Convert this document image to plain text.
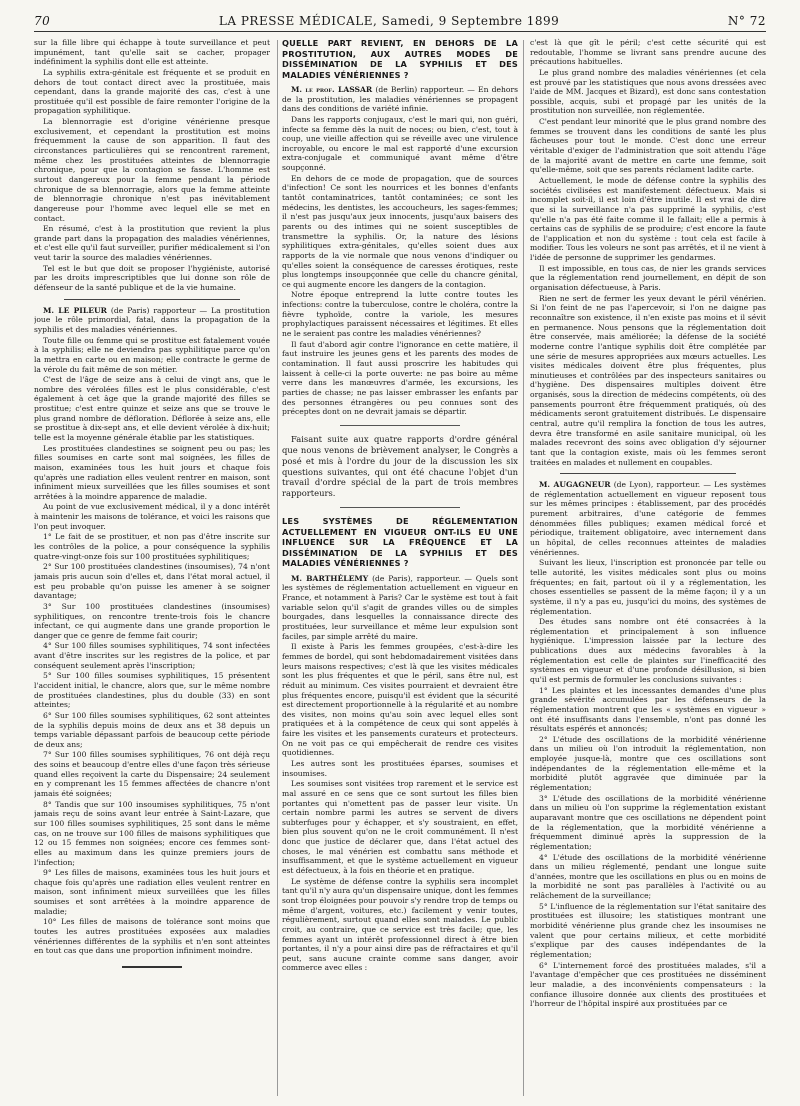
70	LA PRESSE MÉDICALE, Samedi, 9 Septembre 1899	N° 72

sur la fille libre qui échappe à toute surveillance et peut impunément, tant qu'elle sait se cacher, propager indéfiniment la syphilis dont elle est atteinte.

La syphilis extra-génitale est fréquente et se produit en dehors de tout contact direct avec la prostituée, mais cependant, dans la grande majorité des cas, c'est à une prostituée qu'il est possible de faire remonter l'origine de la propagation syphilitique.

La blennorragie est d'origine vénérienne presque exclusivement, et cependant la prostitution est moins fréquemment la cause de son apparition. Il faut des circonstances particulières qui se rencontrent rarement, même chez les prostituées atteintes de blennorragie chronique, pour que la contagion se fasse. L'homme est surtout dangereux pour la femme pendant la période chronique de sa blennorragie, alors que la femme atteinte de blennorragie chronique n'est pas inévitablement dangereuse pour l'homme avec lequel elle se met en contact.

En résumé, c'est à la prostitution que revient la plus grande part dans la propagation des maladies vénériennes, et c'est elle qu'il faut surveiller, purifier médicalement si l'on veut tarir la source des maladies vénériennes.

Tel est le but que doit se proposer l'hygiéniste, autorisé par les droits imprescriptibles que lui donne son rôle de défenseur de la santé publique et de la vie humaine.

M. LE PILEUR (de Paris) rapporteur — La prostitution joue le rôle primordial, fatal, dans la propagation de la syphilis et des maladies vénériennes.

Toute fille ou femme qui se prostitue est fatalement vouée à la syphilis; elle ne deviendra pas syphilitique parce qu'on la mettra en carte ou en maison; elle contracte le germe de la vérole du fait même de son métier.

C'est de l'âge de seize ans à celui de vingt ans, que le nombre des vérolées filles est le plus considérable, c'est également à cet âge que la grande majorité des filles se prostitue; c'est entre quinze et seize ans que se trouve le plus grand nombre de défloration. Déflorée à seize ans, elle se prostitue à dix-sept ans, et elle devient vérolée à dix-huit; telle est la moyenne générale établie par les statistiques.

Les prostituées clandestines se soignent peu ou pas; les filles soumises en carte sont mal soignées, les filles de maison, examinées tous les huit jours et chaque fois qu'après une radiation elles veulent rentrer en maison, sont infiniment mieux surveillées que les filles soumises et sont arrêtées à la moindre apparence de maladie.

Au point de vue exclusivement médical, il y a donc intérêt à maintenir les maisons de tolérance, et voici les raisons que l'on peut invoquer.

1° Le fait de se prostituer, et non pas d'être inscrite sur les contrôles de la police, a pour conséquence la syphilis quatre-vingt-onze fois sur 100 prostituées syphilitiques;

2° Sur 100 prostituées clandestines (insoumises), 74 n'ont jamais pris aucun soin d'elles et, dans l'état moral actuel, il est peu probable qu'on puisse les amener à se soigner davantage;

3° Sur 100 prostituées clandestines (insoumises) syphilitiques, on rencontre trente-trois fois le chancre infectant, ce qui augmente dans une grande proportion le danger que ce genre de femme fait courir;

4° Sur 100 filles soumises syphilitiques, 74 sont infectées avant d'être inscrites sur les registres de la police, et par conséquent seulement après l'inscription;

5° Sur 100 filles soumises syphilitiques, 15 présentent l'accident initial, le chancre, alors que, sur le même nombre de prostituées clandestines, plus du double (33) en sont atteintes;

6° Sur 100 filles soumises syphilitiques, 62 sont atteintes de la syphilis depuis moins de deux ans et 38 depuis un temps variable dépassant parfois de beaucoup cette période de deux ans;

7° Sur 100 filles soumises syphilitiques, 76 ont déjà reçu des soins et beaucoup d'entre elles d'une façon très sérieuse quand elles reçoivent la carte du Dispensaire; 24 seulement en y comprenant les 15 femmes affectées de chancre n'ont jamais été soignées;

8° Tandis que sur 100 insoumises syphilitiques, 75 n'ont jamais reçu de soins avant leur entrée à Saint-Lazare, que sur 100 filles soumises syphilitiques, 25 sont dans le même cas, on ne trouve sur 100 filles de maisons syphilitiques que 12 ou 15 femmes non soignées; encore ces femmes sont-elles au maximum dans les quinze premiers jours de l'infection;

9° Les filles de maisons, examinées tous les huit jours et chaque fois qu'après une radiation elles veulent rentrer en maison, sont infiniment mieux surveillées que les filles soumises et sont arrêtées à la moindre apparence de maladie;

10° Les filles de maisons de tolérance sont moins que toutes les autres prostituées exposées aux maladies vénériennes différentes de la syphilis et n'en sont atteintes en tout cas que dans une proportion infiniment moindre.

QUELLE PART REVIENT, EN DEHORS DE LA PROSTITUTION, AUX AUTRES MODES DE DISSÉMINATION DE LA SYPHILIS ET DES MALADIES VÉNÉRIENNES ?

M. le prof. LASSAR (de Berlin) rapporteur. — En dehors de la prostitution, les maladies vénériennes se propagent dans des conditions de variété infinie.

Dans les rapports conjugaux, c'est le mari qui, non guéri, infecte sa femme dès la nuit de noces; ou bien, c'est, tout à coup, une vieille affection qui se réveille avec une virulence incroyable, ou encore le mal est rapporté d'une excursion extra-conjugale et communiqué avant même d'être soupçonné.

En dehors de ce mode de propagation, que de sources d'infection! Ce sont les nourrices et les bonnes d'enfants tantôt contaminatrices, tantôt contaminées; ce sont les médecins, les dentistes, les accoucheurs, les sages-femmes; il n'est pas jusqu'aux jeux innocents, jusqu'aux baisers des parents ou des intimes qui ne soient susceptibles de transmettre la syphilis. Or, la nature des lésions syphilitiques extra-génitales, qu'elles soient dues aux rapports de la vie normale que nous venons d'indiquer ou qu'elles soient la conséquence de caresses érotiques, reste plus longtemps insoupçonnée que celle du chancre génital, ce qui augmente encore les dangers de la contagion.

Notre époque entreprend la lutte contre toutes les infections: contre la tuberculose, contre le choléra, contre la fièvre typhoïde, contre la variole, les mesures prophylactiques paraissent nécessaires et légitimes. Et elles ne le seraient pas contre les maladies vénériennes?

Il faut d'abord agir contre l'ignorance en cette matière, il faut instruire les jeunes gens et les parents des modes de contamination. Il faut aussi proscrire les habitudes qui laissent à celle-ci la porte ouverte: ne pas boire au même verre dans les manœuvres d'armée, les excursions, les parties de chasse; ne pas laisser embrasser les enfants par des personnes étrangères ou peu connues sont des préceptes dont on ne devrait jamais se départir.

Faisant suite aux quatre rapports d'ordre général que nous venons de brièvement analyser, le Congrès a posé et mis à l'ordre du jour de la discussion les six questions suivantes, qui ont été chacune l'objet d'un travail d'ordre spécial de la part de trois membres rapporteurs.

LES SYSTÈMES DE RÉGLEMENTATION ACTUELLEMENT EN VIGUEUR ONT-ILS EU UNE INFLUENCE SUR LA FRÉQUENCE ET LA DISSÉMINATION DE LA SYPHILIS ET DES MALADIES VÉNÉRIENNES ?

M. BARTHÉLEMY (de Paris), rapporteur. — Quels sont les systèmes de réglementation actuellement en vigueur en France, et notamment à Paris? Car le système est tout à fait variable selon qu'il s'agit de grandes villes ou de simples bourgades, dans lesquelles la connaissance directe des prostituées, leur surveillance et même leur expulsion sont faciles, par simple arrêté du maire.

Il existe à Paris les femmes groupées, c'est-à-dire les femmes de bordel, qui sont hebdomadairement visitées dans leurs maisons respectives; c'est là que les visites médicales sont les plus fréquentes et que le péril, sans être nul, est réduit au minimum. Ces visites pourraient et devraient être plus fréquentes encore, puisqu'il est évident que la sécurité est directement proportionnelle à la régularité et au nombre des visites, non moins qu'au soin avec lequel elles sont pratiquées et à la compétence de ceux qui sont appelés à faire les visites et les pansements curateurs et protecteurs. On ne voit pas ce qui empêcherait de rendre ces visites quotidiennes.

Les autres sont les prostituées éparses, soumises et insoumises.

Les soumises sont visitées trop rarement et le service est mal assuré en ce sens que ce sont surtout les filles bien portantes qui n'omettent pas de passer leur visite. Un certain nombre parmi les autres se servent de divers subterfuges pour y échapper, et s'y soustraient, en effet, bien plus souvent qu'on ne le croit communément. Il n'est donc que justice de déclarer que, dans l'état actuel des choses, le mal vénérien est combattu sans méthode et insuffisamment, et que le système actuellement en vigueur est défectueux, à la fois en théorie et en pratique.

Le système de défense contre la syphilis sera incomplet tant qu'il n'y aura qu'un dispensaire unique, dont les femmes sont trop éloignées pour pouvoir s'y rendre trop de temps ou même d'argent, voitures, etc.) facilement y venir toutes, régulièrement, surtout quand elles sont malades. Le public croit, au contraire, que ce service est très facile; que, les femmes ayant un intérêt professionnel direct à être bien portantes, il n'y a pour ainsi dire pas de réfractaires et qu'il peut, sans aucune crainte comme sans danger, avoir commerce avec elles :

c'est là que gît le péril; c'est cette sécurité qui est redoutable, l'homme se livrant sans prendre aucune des précautions habituelles.

Le plus grand nombre des maladies vénériennes (et cela est prouvé par les statistiques que nous avons dressées avec l'aide de MM. Jacques et Bizard), est donc sans contestation possible, acquis, subi et propagé par les unités de la prostitution non surveillée, non réglementée.

C'est pendant leur minorité que le plus grand nombre des femmes se trouvent dans les conditions de santé les plus fâcheuses pour tout le monde. C'est donc une erreur véritable d'exiger de l'administration que soit attendu l'âge de la majorité avant de mettre en carte une femme, soit qu'elle-même, soit que ses parents réclament ladite carte.

Actuellement, le mode de défense contre la syphilis des sociétés civilisées est manifestement défectueux. Mais si incomplet soit-il, il est loin d'être inutile. Il est vrai de dire que si la surveillance n'a pas supprimé la syphilis, c'est qu'elle n'a pas été faite comme il le fallait; elle a permis à certains cas de syphilis de se produire; c'est encore la faute de l'application et non du système : tout cela est facile à modifier. Tous les voleurs ne sont pas arrêtés, et il ne vient à l'idée de personne de supprimer les gendarmes.

Il est impossible, en tous cas, de nier les grands services que la réglementation rend journellement, en dépit de son organisation défectueuse, à Paris.

Rien ne sert de fermer les yeux devant le péril vénérien. Si l'on feint de ne pas l'apercevoir, si l'on ne daigne pas reconnaître son existence, il n'en existe pas moins et il sévit en permanence. Nous pensons que la réglementation doit être conservée, mais améliorée; la défense de la société moderne contre l'antique syphilis doit être complétée par une série de mesures appropriées aux mœurs actuelles. Les visites médicales doivent être plus fréquentes, plus minutieuses et contrôlées par des inspecteurs sanitaires ou d'hygiène. Des dispensaires multiples doivent être organisés, sous la direction de médecins compétents, où des pansements pourront être fréquemment pratiqués, où des médicaments seront gratuitement distribués. Le dispensaire central, autre qu'il remplira la fonction de tous les autres, devra être transformé en asile sanitaire municipal, où les malades recevront des soins avec obligation d'y séjourner tant que la contagion existe, mais où les femmes seront traitées en malades et nullement en coupables.

M. AUGAGNEUR (de Lyon), rapporteur. — Les systèmes de réglementation actuellement en vigueur reposent tous sur les mêmes principes : établissement, par des procédés purement arbitraires, d'une catégorie de femmes dénommées filles publiques; examen médical forcé et périodique, traitement obligatoire, avec internement dans un hôpital, de celles reconnues atteintes de maladies vénériennes.

Suivant les lieux, l'inscription est prononcée par telle ou telle autorité, les visites médicales sont plus ou moins fréquentes; en fait, partout où il y a réglementation, les choses essentielles se passent de la même façon; il y a un système, il n'y a pas eu, jusqu'ici du moins, des systèmes de réglementation.

Des études sans nombre ont été consacrées à la réglementation et principalement à son influence hygiénique. L'impression laissée par la lecture des publications dues aux médecins favorables à la réglementation est celle de plaintes sur l'inefficacité des systèmes en vigueur et d'une profonde désillusion, si bien qu'il est permis de formuler les conclusions suivantes :

1° Les plaintes et les incessantes demandes d'une plus grande sévérité accumulées par les défenseurs de la réglementation montrent que les « systèmes en vigueur » ont été insuffisants dans l'ensemble, n'ont pas donné les résultats espérés et annoncés;

2° L'étude des oscillations de la morbidité vénérienne dans un milieu où l'on introduit la réglementation, non employée jusque-là, montre que ces oscillations sont indépendantes de la réglementation elle-même et la morbidité plutôt aggravée que diminuée par la réglementation;

3° L'étude des oscillations de la morbidité vénérienne dans un milieu où l'on supprime la réglementation existant auparavant montre que ces oscillations ne dépendent point de la réglementation, que la morbidité vénérienne a fréquemment diminué après la suppression de la réglementation;

4° L'étude des oscillations de la morbidité vénérienne dans un milieu réglementé, pendant une longue suite d'années, montre que les oscillations en plus ou en moins de la morbidité ne sont pas parallèles à l'activité ou au relâchement de la surveillance;

5° L'influence de la réglementation sur l'état sanitaire des prostituées est illusoire; les statistiques montrant une morbidité vénérienne plus grande chez les insoumises ne valent que pour certains milieux, et cette morbidité s'explique par des causes indépendantes de la réglementation;

6° L'internement forcé des prostituées malades, s'il a l'avantage d'empêcher que ces prostituées ne disséminent leur maladie, a des inconvénients compensateurs : la confiance illusoire donnée aux clients des prostituées et l'horreur de l'hôpital inspiré aux prostituées par ce
